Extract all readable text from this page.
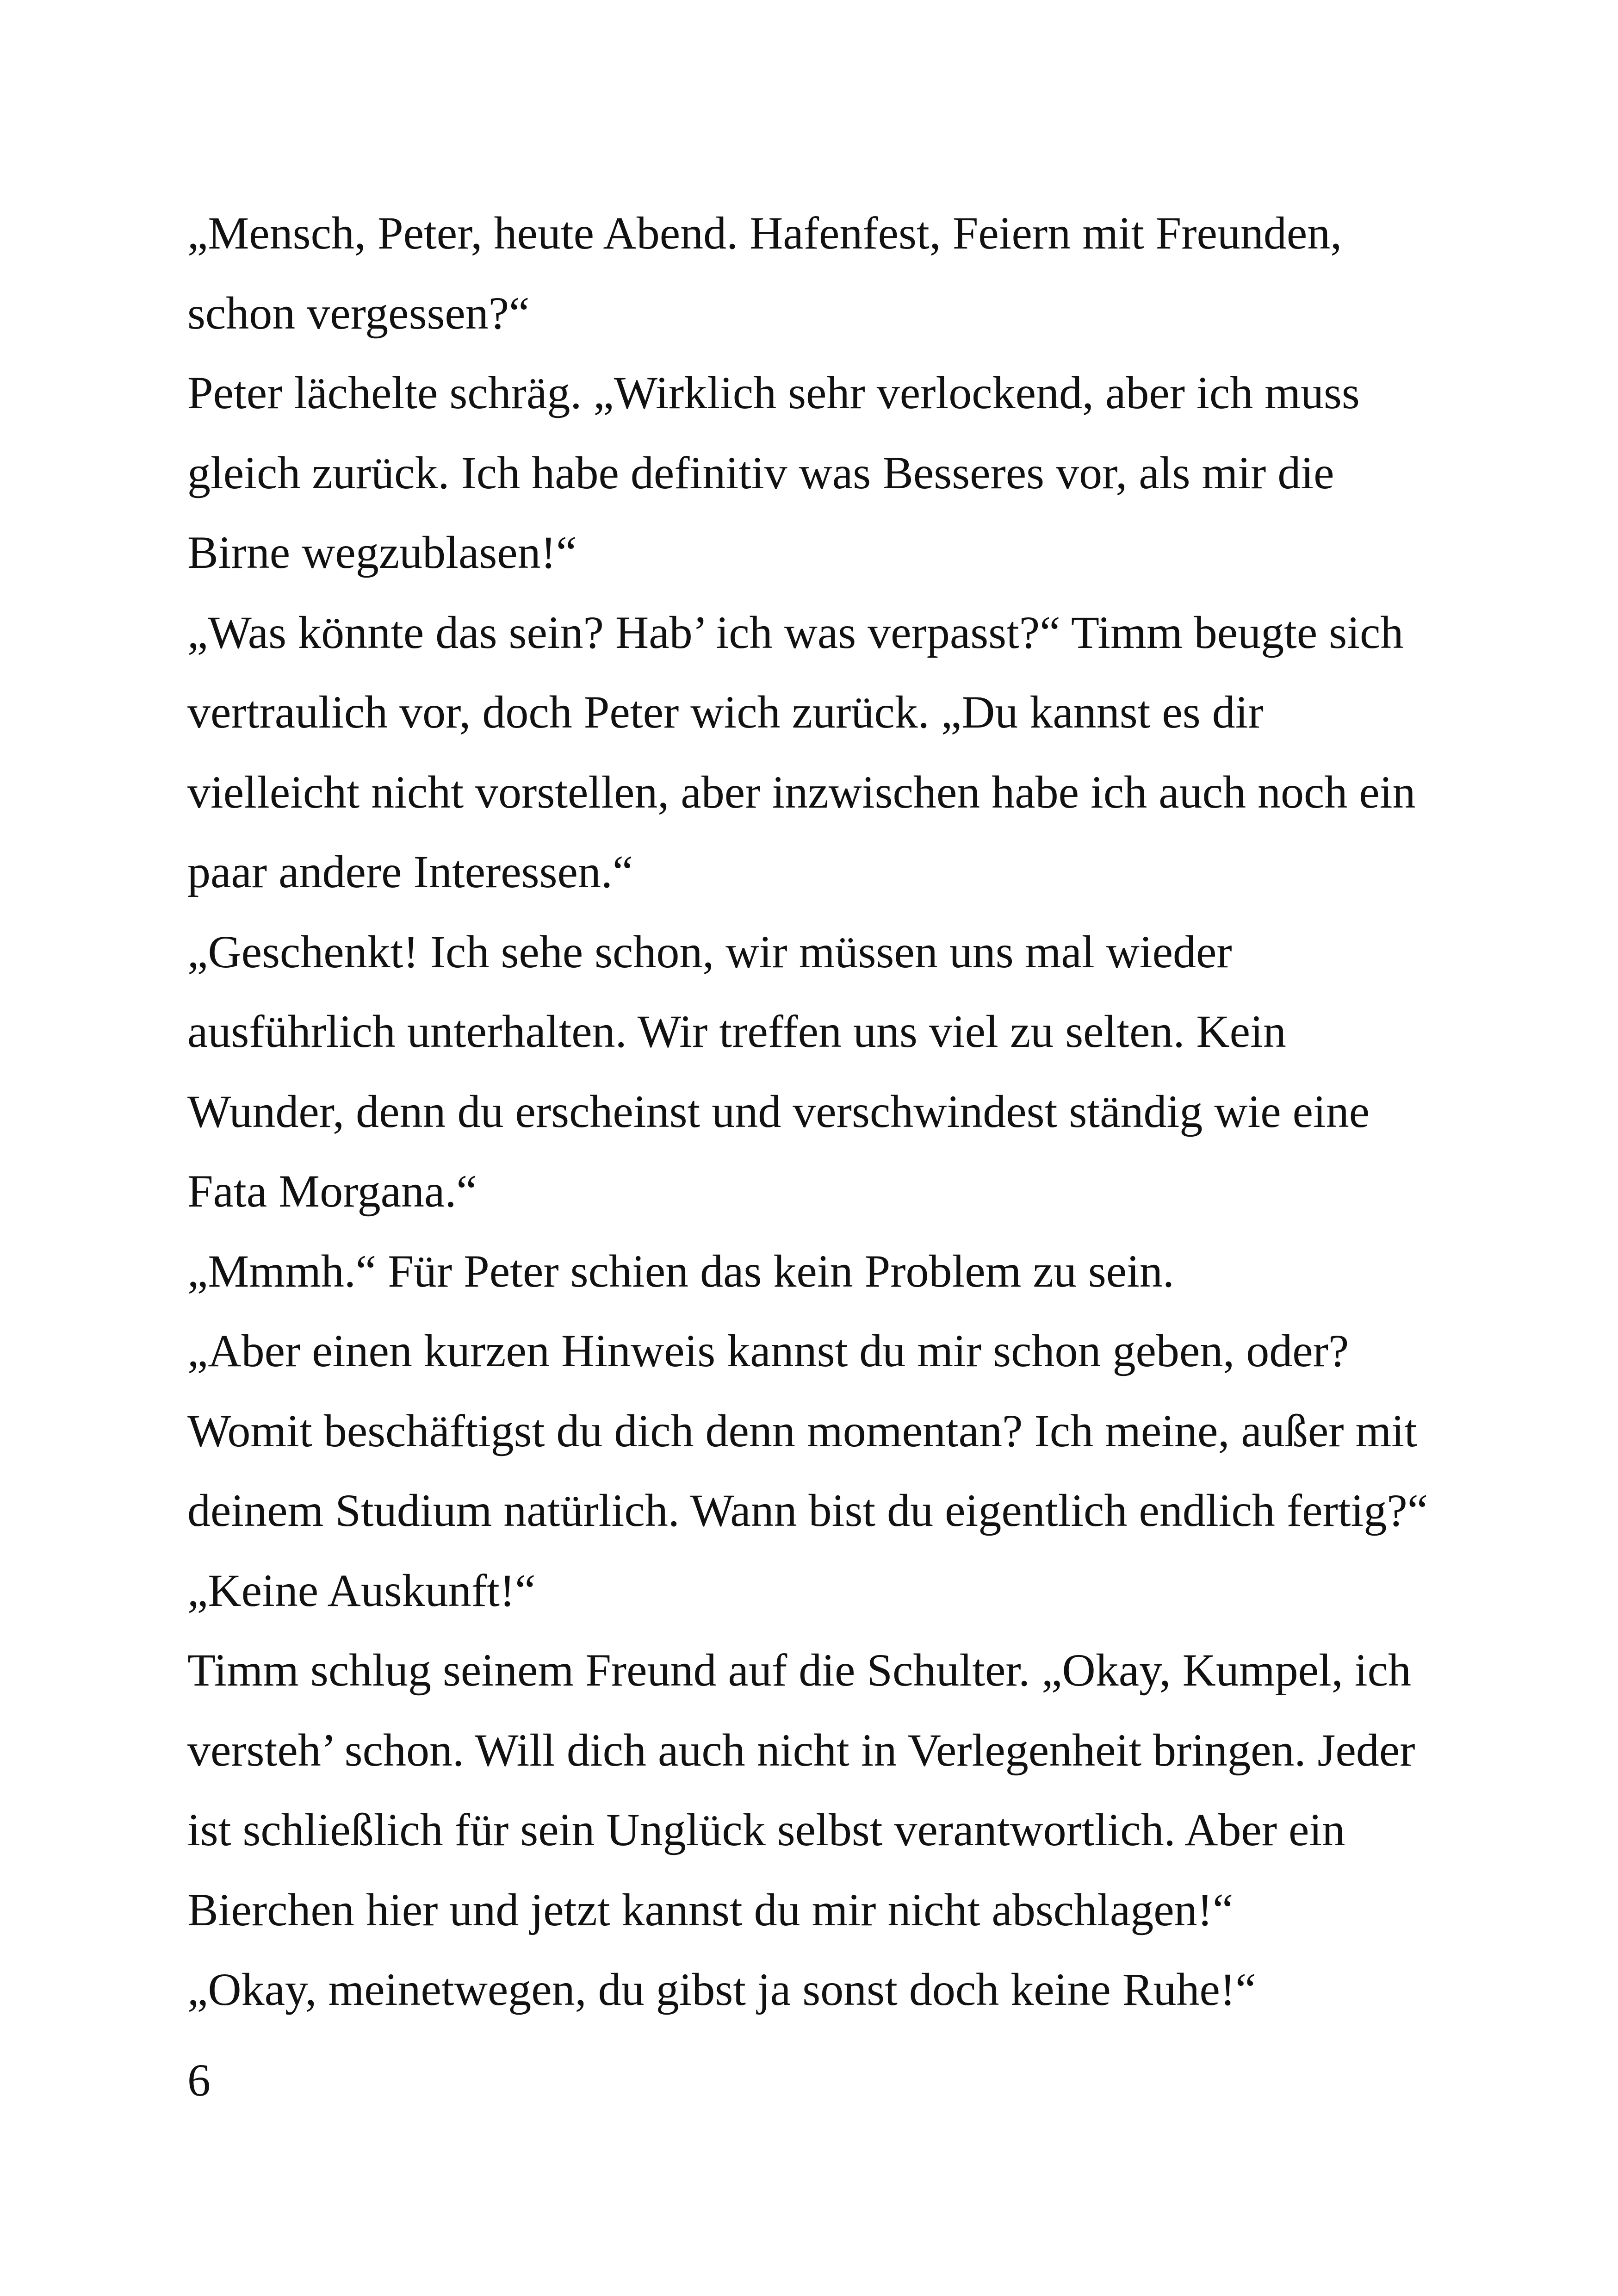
„Mensch, Peter, heute Abend. Hafenfest, Feiern mit Freunden,
schon vergessen?“
Peter lächelte schräg. „Wirklich sehr verlockend, aber ich muss
gleich zurück. Ich habe definitiv was Besseres vor, als mir die
Birne wegzublasen!“
„Was könnte das sein? Hab’ ich was verpasst?“ Timm beugte sich
vertraulich vor, doch Peter wich zurück. „Du kannst es dir
vielleicht nicht vorstellen, aber inzwischen habe ich auch noch ein
paar andere Interessen.“
„Geschenkt! Ich sehe schon, wir müssen uns mal wieder
ausführlich unterhalten. Wir treffen uns viel zu selten. Kein
Wunder, denn du erscheinst und verschwindest ständig wie eine
Fata Morgana.“
„Mmmh.“ Für Peter schien das kein Problem zu sein.
„Aber einen kurzen Hinweis kannst du mir schon geben, oder?
Womit beschäftigst du dich denn momentan? Ich meine, außer mit
deinem Studium natürlich. Wann bist du eigentlich endlich fertig?“
„Keine Auskunft!“
Timm schlug seinem Freund auf die Schulter. „Okay, Kumpel, ich
versteh’ schon. Will dich auch nicht in Verlegenheit bringen. Jeder
ist schließlich für sein Unglück selbst verantwortlich. Aber ein
Bierchen hier und jetzt kannst du mir nicht abschlagen!“
„Okay, meinetwegen, du gibst ja sonst doch keine Ruhe!“
6
